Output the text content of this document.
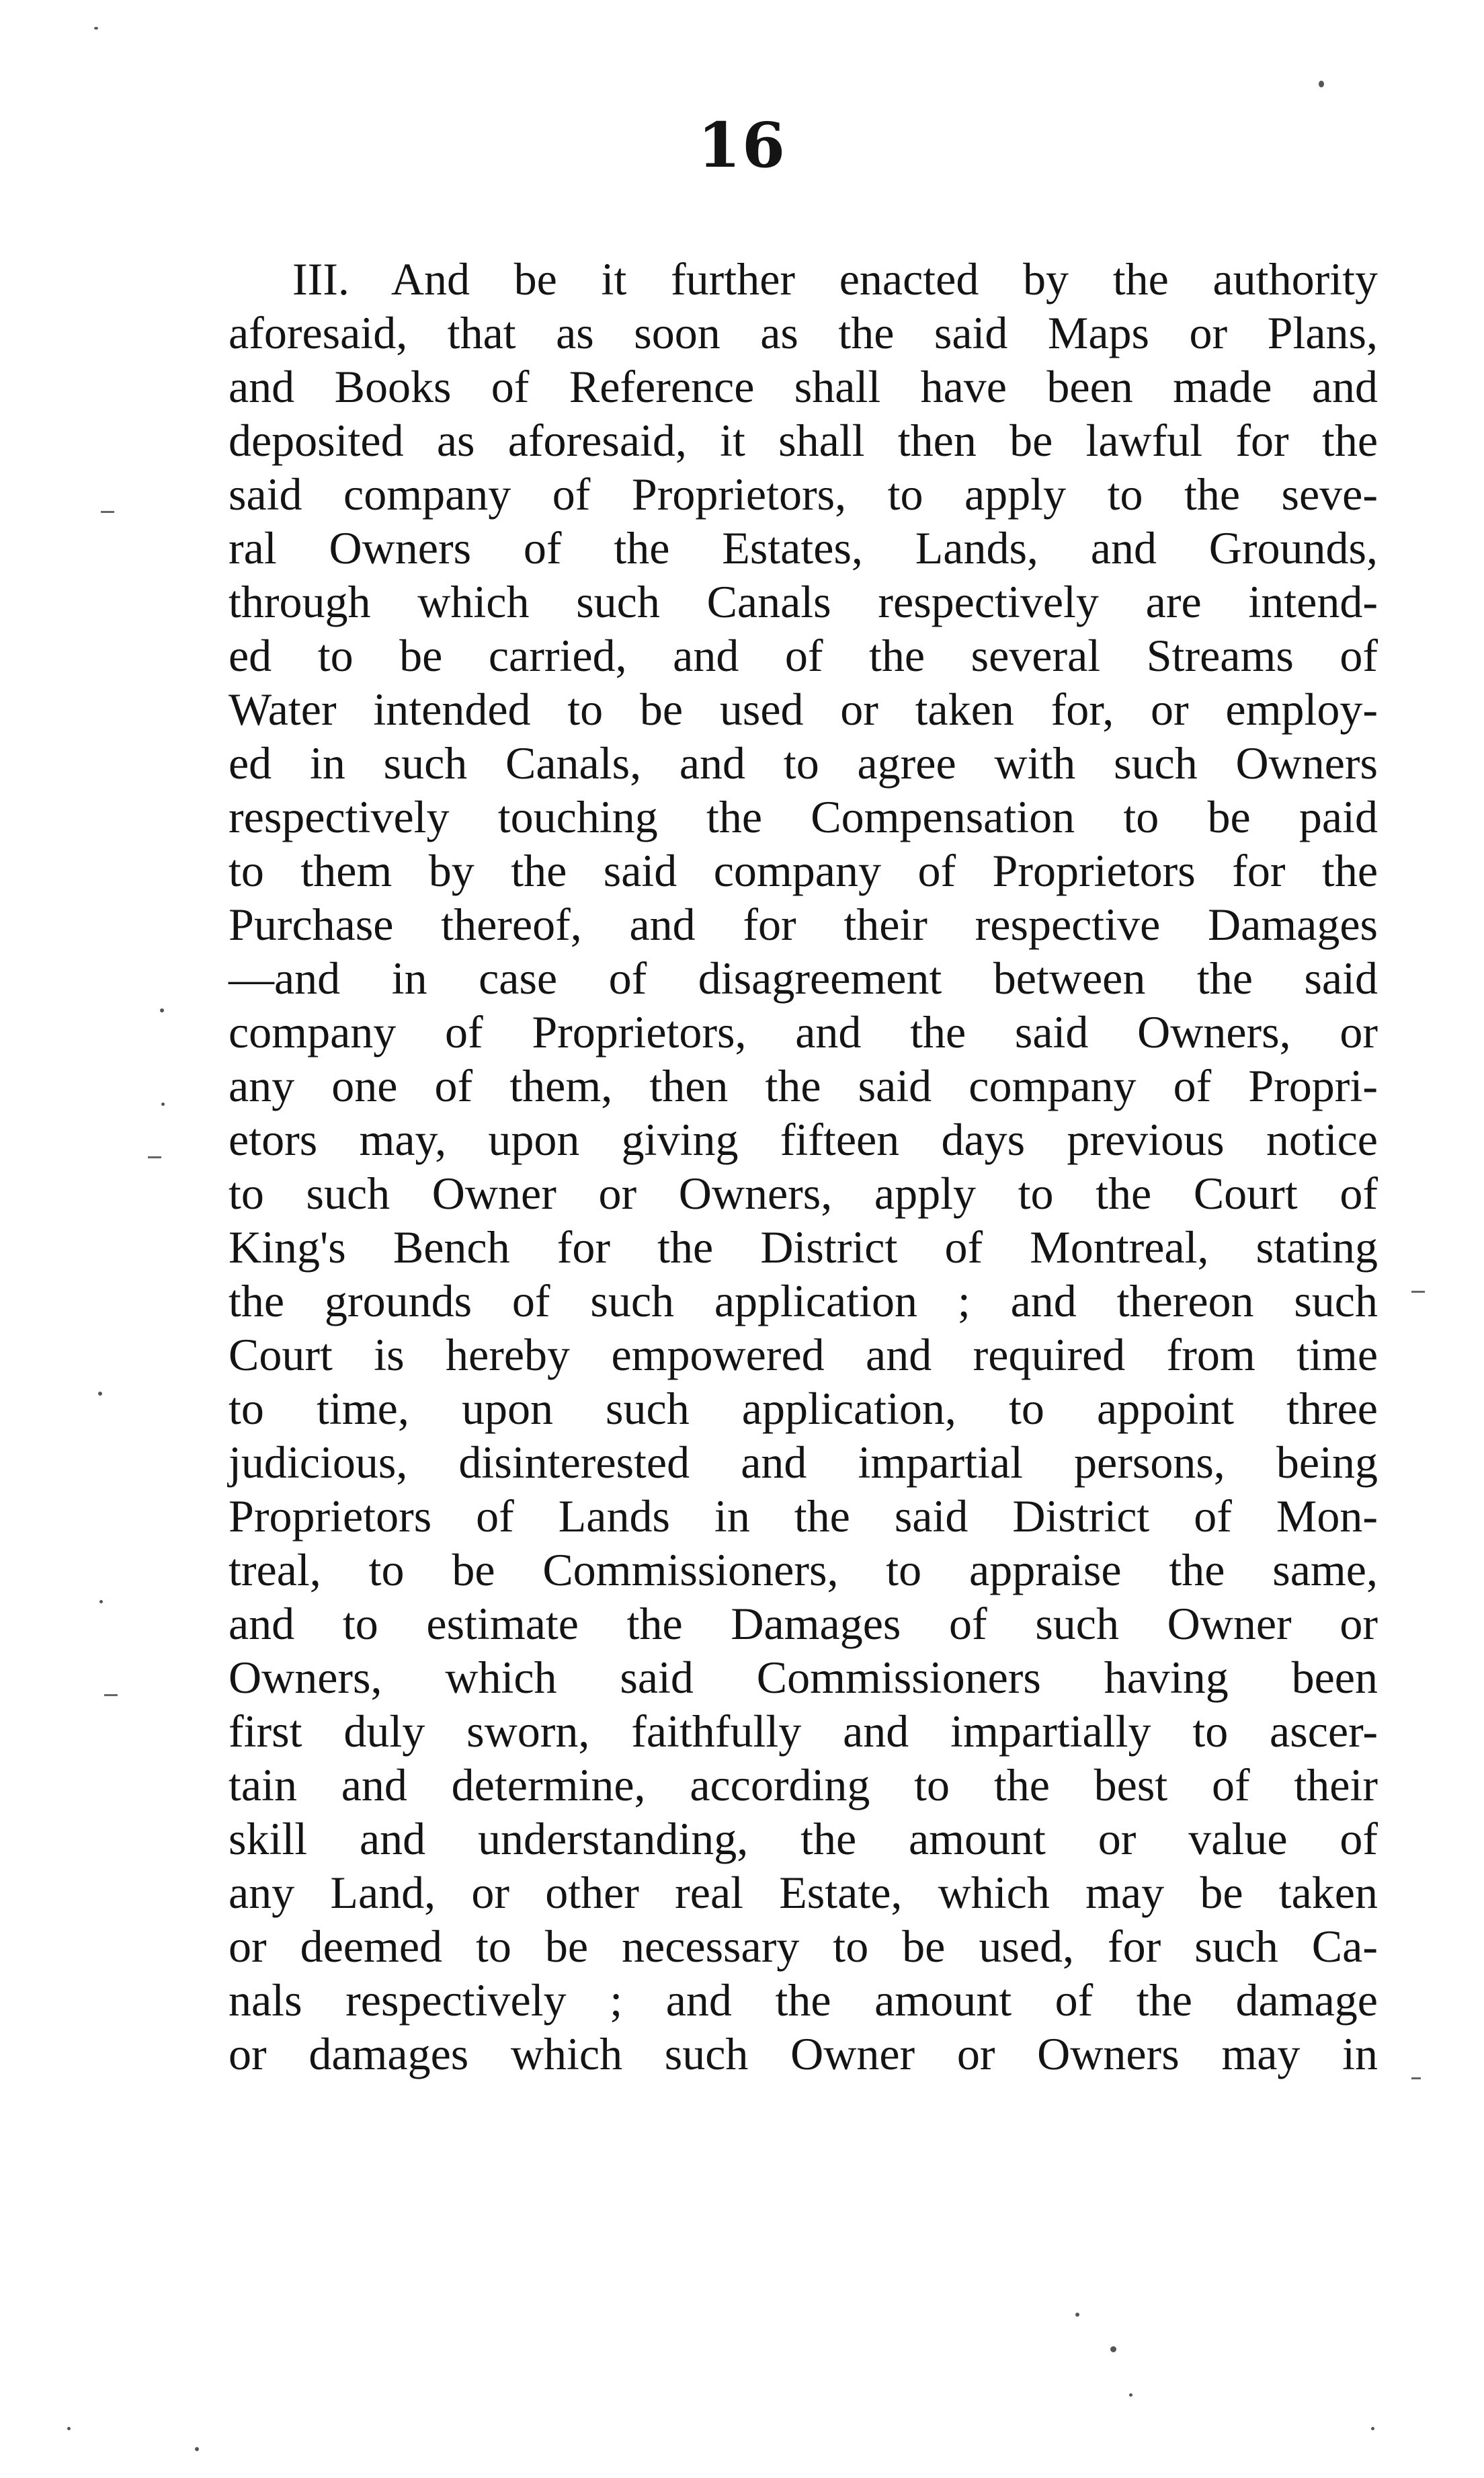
16
III. And be it further enacted by the authority
aforesaid, that as soon as the said Maps or Plans,
and Books of Reference shall have been made and
deposited as aforesaid, it shall then be lawful for the
said company of Proprietors, to apply to the seve-
ral Owners of the Estates, Lands, and Grounds,
through which such Canals respectively are intend-
ed to be carried, and of the several Streams of
Water intended to be used or taken for, or employ-
ed in such Canals, and to agree with such Owners
respectively touching the Compensation to be paid
to them by the said company of Proprietors for the
Purchase thereof, and for their respective Damages
—and in case of disagreement between the said
company of Proprietors, and the said Owners, or
any one of them, then the said company of Propri-
etors may, upon giving fifteen days previous notice
to such Owner or Owners, apply to the Court of
King's Bench for the District of Montreal, stating
the grounds of such application ; and thereon such
Court is hereby empowered and required from time
to time, upon such application, to appoint three
judicious, disinterested and impartial persons, being
Proprietors of Lands in the said District of Mon-
treal, to be Commissioners, to appraise the same,
and to estimate the Damages of such Owner or
Owners, which said Commissioners having been
first duly sworn, faithfully and impartially to ascer-
tain and determine, according to the best of their
skill and understanding, the amount or value of
any Land, or other real Estate, which may be taken
or deemed to be necessary to be used, for such Ca-
nals respectively ; and the amount of the damage
or damages which such Owner or Owners may in
